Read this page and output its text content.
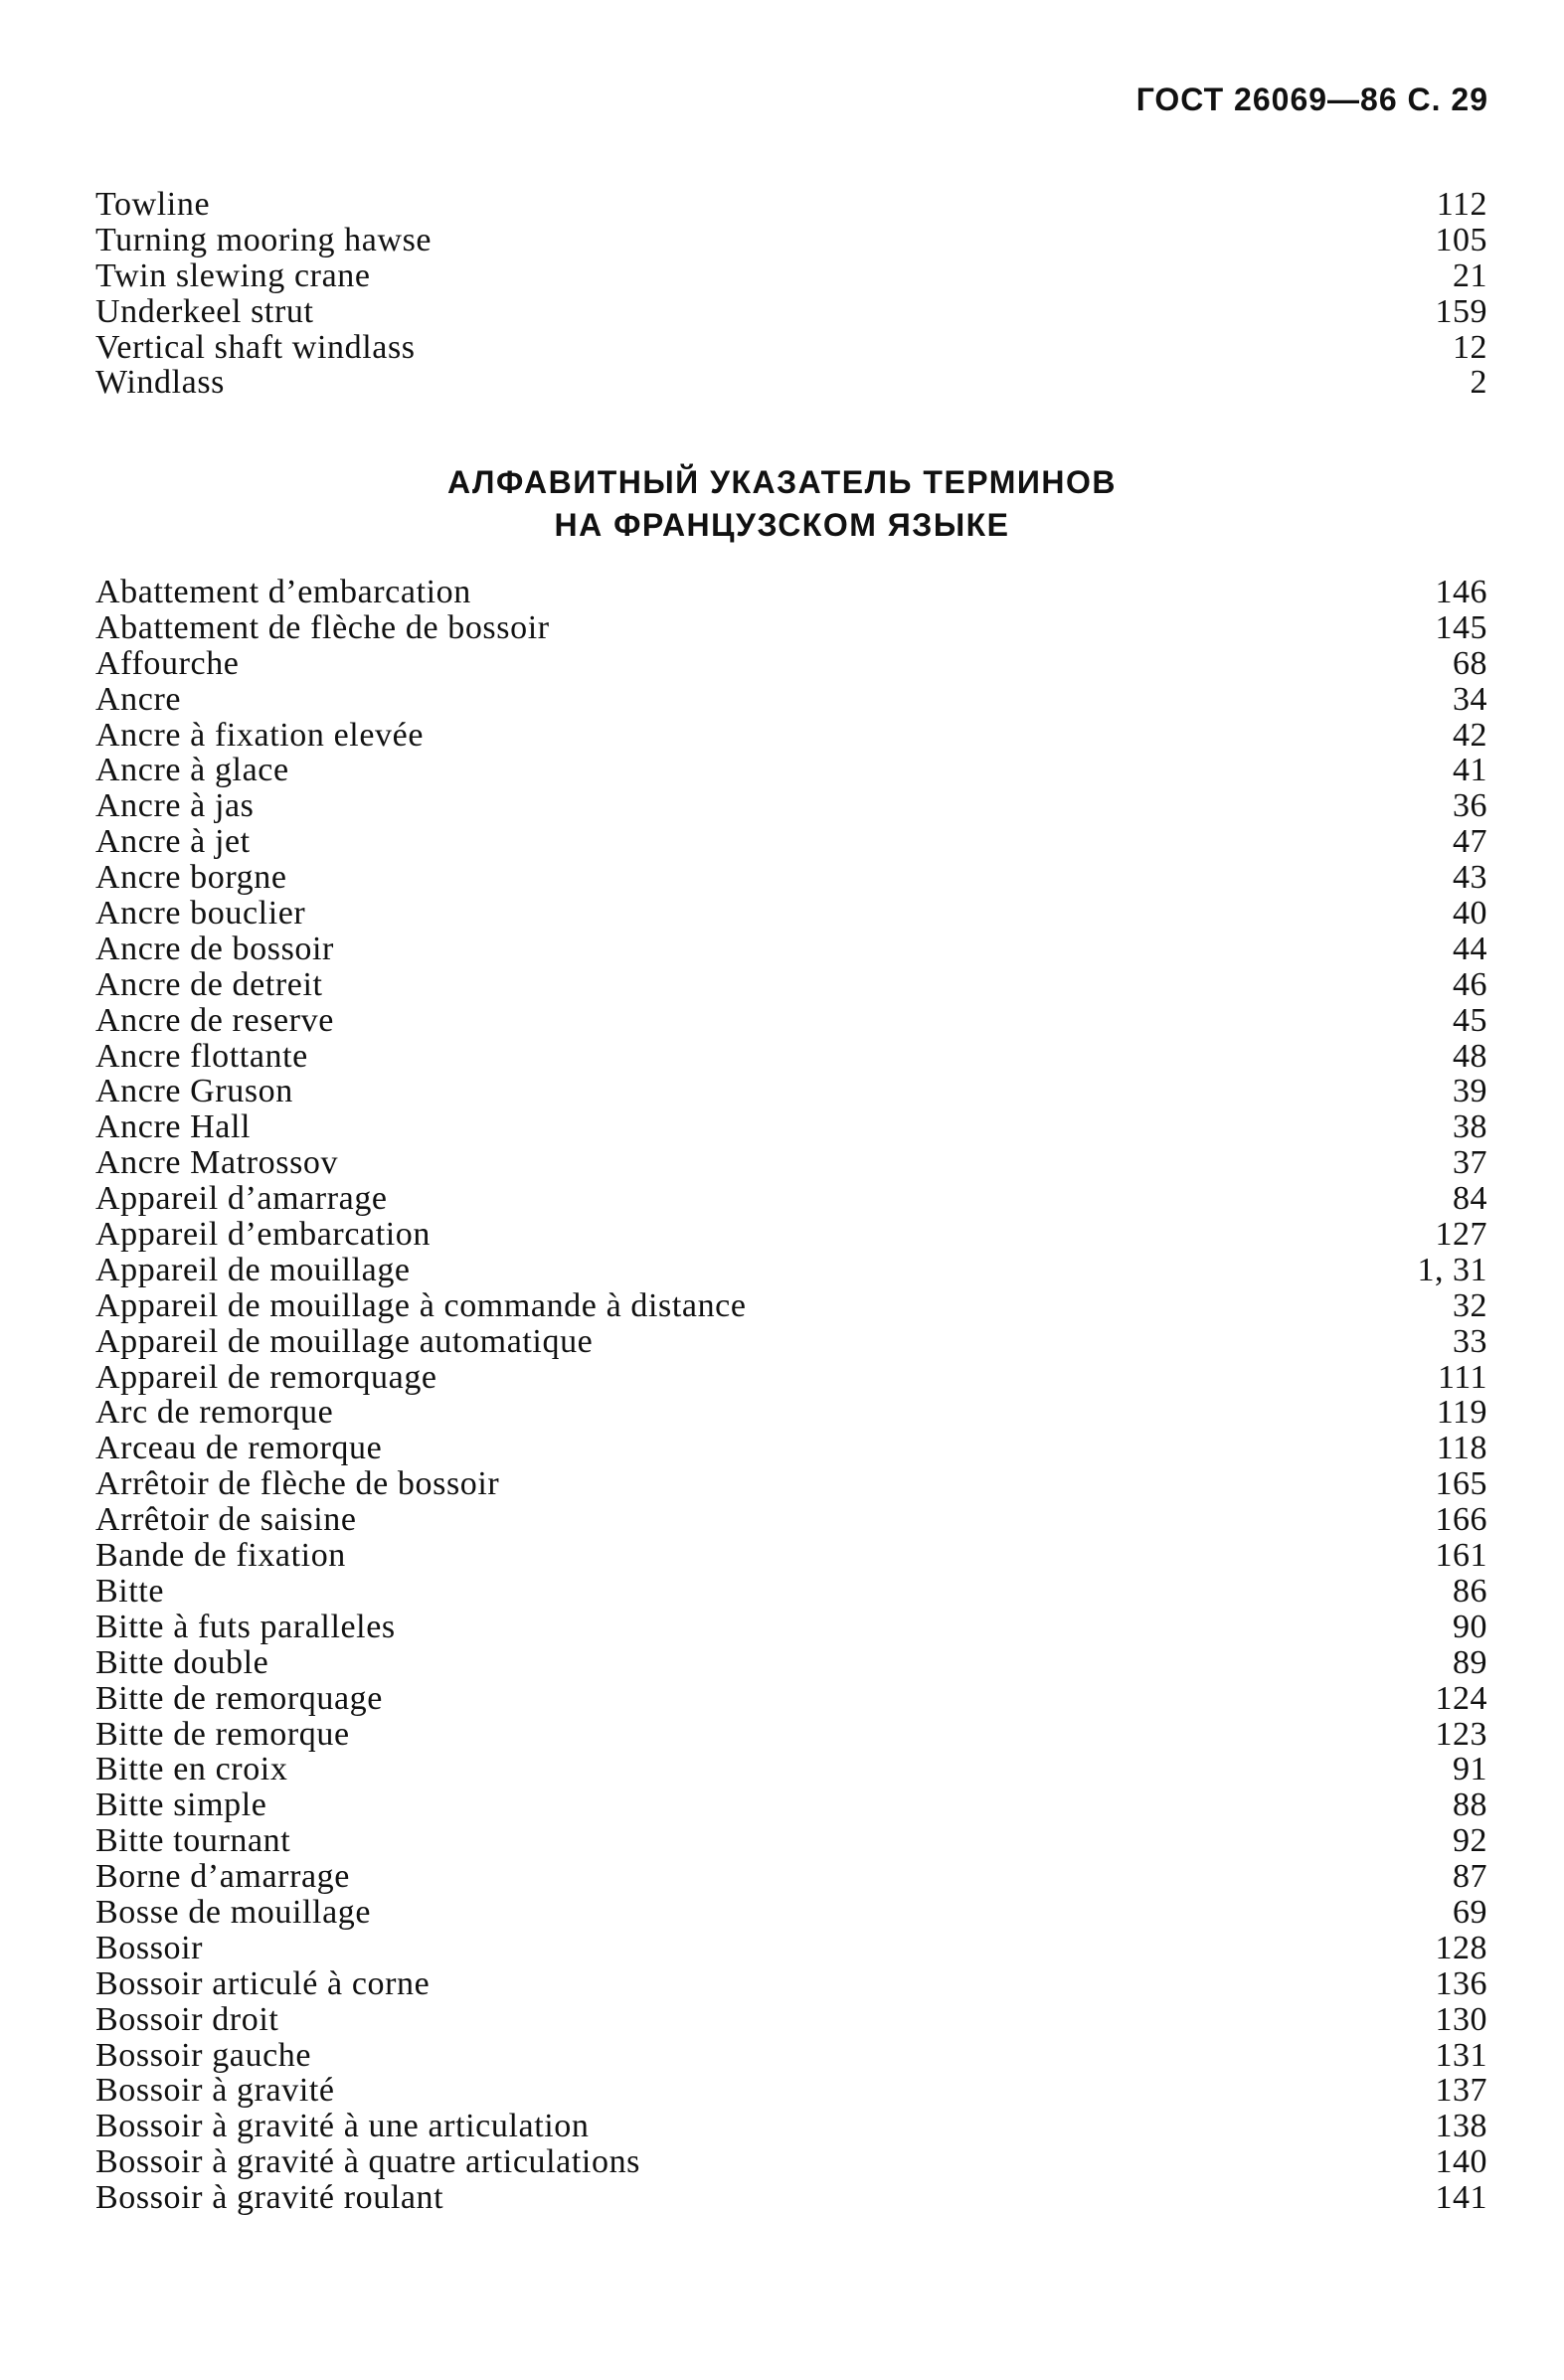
ГОСТ 26069—86 С. 29
Towline	112
Turning mooring hawse	105
Twin slewing crane	21
Underkeel strut	159
Vertical shaft windlass	12
Windlass	2
АЛФАВИТНЫЙ УКАЗАТЕЛЬ ТЕРМИНОВ
НА ФРАНЦУЗСКОМ ЯЗЫКЕ
Abattement d’embarcation	146
Abattement de flèche de bossoir	145
Affourche	68
Ancre	34
Ancre à fixation elevée	42
Ancre à glace	41
Ancre à jas	36
Ancre à jet	47
Ancre borgne	43
Ancre bouclier	40
Ancre de bossoir	44
Ancre de detreit	46
Ancre de reserve	45
Ancre flottante	48
Ancre Gruson	39
Ancre Hall	38
Ancre Matrossov	37
Appareil d’amarrage	84
Appareil d’embarcation	127
Appareil de mouillage	1, 31
Appareil de mouillage à commande à distance	32
Appareil de mouillage automatique	33
Appareil de remorquage	111
Arc de remorque	119
Arceau de remorque	118
Arrêtoir de flèche de bossoir	165
Arrêtoir de saisine	166
Bande de fixation	161
Bitte	86
Bitte à futs paralleles	90
Bitte double	89
Bitte de remorquage	124
Bitte de remorque	123
Bitte en croix	91
Bitte simple	88
Bitte tournant	92
Borne d’amarrage	87
Bosse de mouillage	69
Bossoir	128
Bossoir articulé à corne	136
Bossoir droit	130
Bossoir gauche	131
Bossoir à gravité	137
Bossoir à gravité à une articulation	138
Bossoir à gravité à quatre articulations	140
Bossoir à gravité roulant	141
